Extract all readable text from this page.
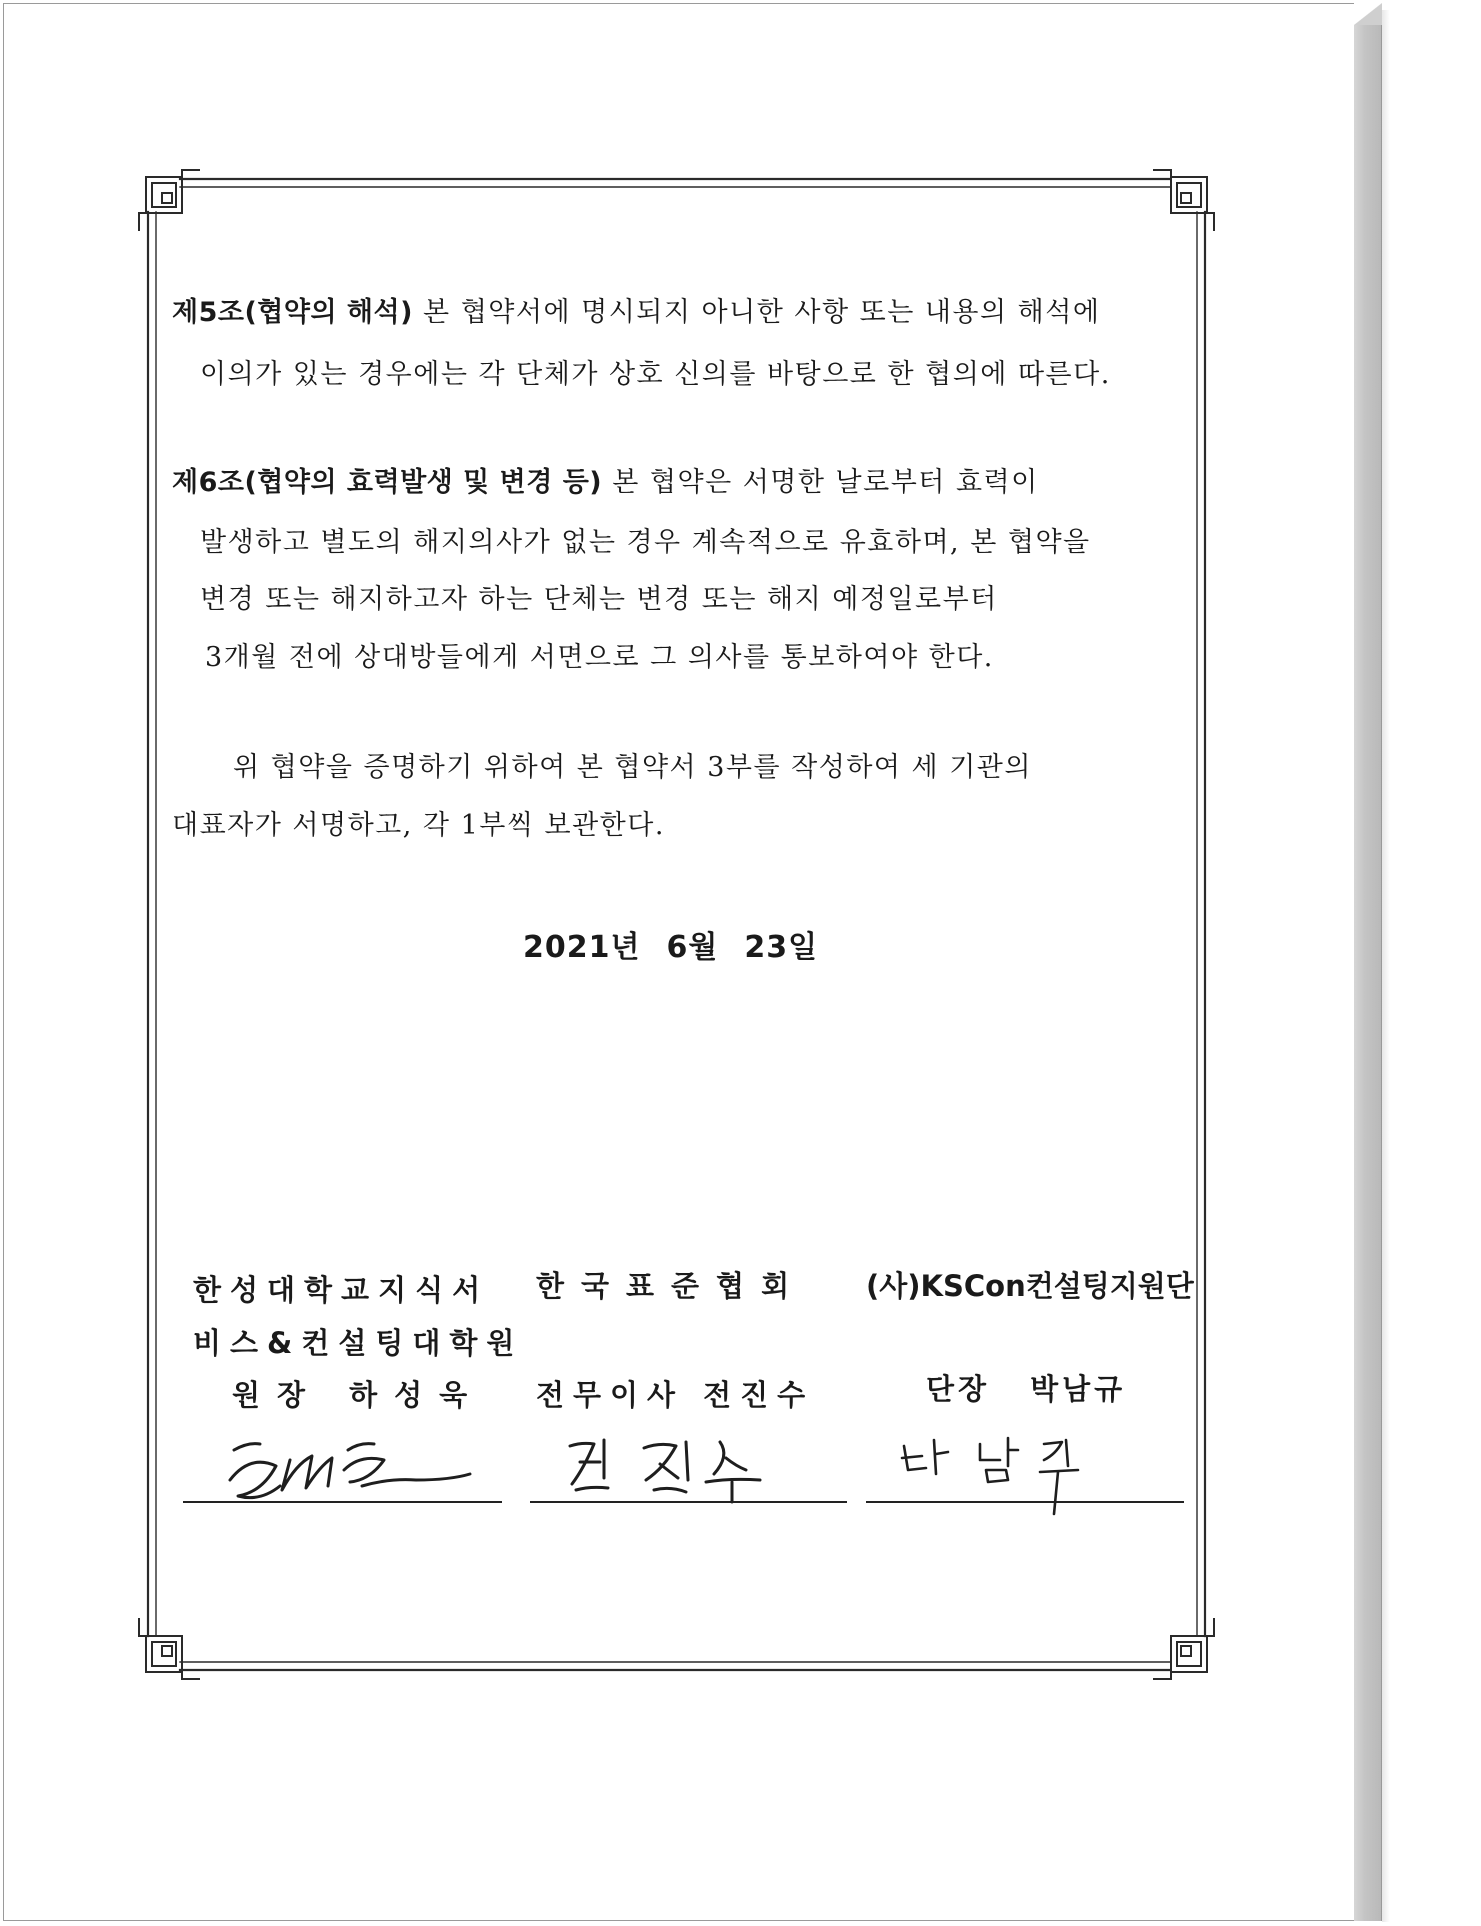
제5조(협약의 해석) 본 협약서에 명시되지 아니한 사항 또는 내용의 해석에
이의가 있는 경우에는 각 단체가 상호 신의를 바탕으로 한 협의에 따른다.
제6조(협약의 효력발생 및 변경 등) 본 협약은 서명한 날로부터 효력이
발생하고 별도의 해지의사가 없는 경우 계속적으로 유효하며, 본 협약을
변경 또는 해지하고자 하는 단체는 변경 또는 해지 예정일로부터
3개월 전에 상대방들에게 서면으로 그 의사를 통보하여야 한다.
위 협약을 증명하기 위하여 본 협약서 3부를 작성하여 세 기관의
대표자가 서명하고, 각 1부씩 보관한다.
2021년 6월 23일
한성대학교지식서
비스&컨설팅대학원
원장 하성욱
한국표준협회
전무이사 전진수
(사)KSCon컨설팅지원단
단장 박남규
